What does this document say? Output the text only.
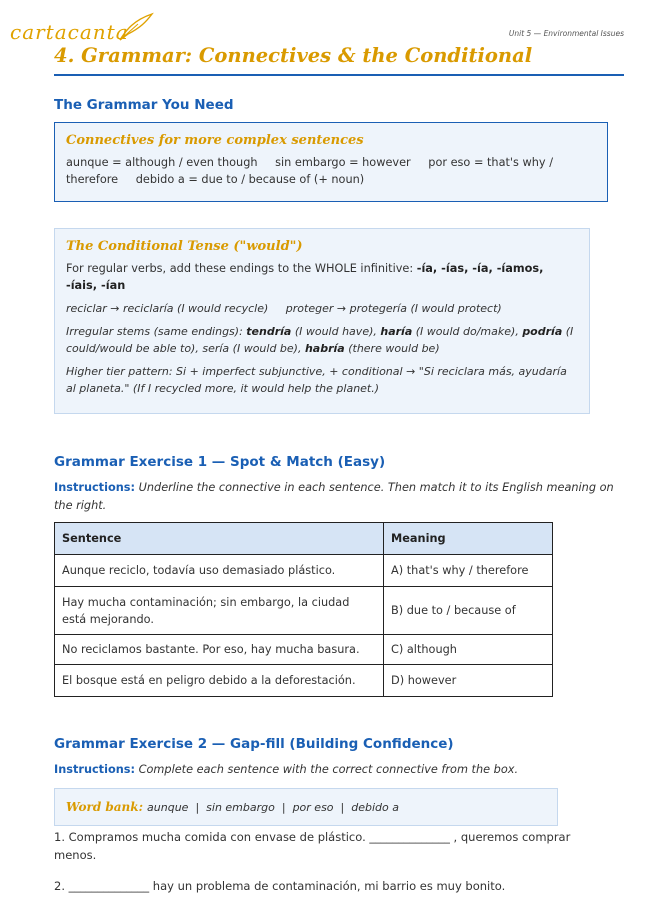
cartacanta	Unit 5 — Environmental Issues
4. Grammar: Connectives & the Conditional
The Grammar You Need
Connectives for more complex sentences
aunque = although / even though sin embargo = however por eso = that's why / therefore debido a = due to / because of (+ noun)
The Conditional Tense ("would")
For regular verbs, add these endings to the WHOLE infinitive: -ía, -ías, -ía, -íamos, -íais, -ían
reciclar → reciclaría (I would recycle) proteger → protegería (I would protect)
Irregular stems (same endings): tendría (I would have), haría (I would do/make), podría (I could/would be able to), sería (I would be), habría (there would be)
Higher tier pattern: Si + imperfect subjunctive, + conditional → "Si reciclara más, ayudaría al planeta." (If I recycled more, it would help the planet.)
Grammar Exercise 1 — Spot & Match (Easy)
Instructions: Underline the connective in each sentence. Then match it to its English meaning on the right.
Sentence	Meaning
Aunque reciclo, todavía uso demasiado plástico.	A) that's why / therefore
Hay mucha contaminación; sin embargo, la ciudad está mejorando.	B) due to / because of
No reciclamos bastante. Por eso, hay mucha basura.	C) although
El bosque está en peligro debido a la deforestación.	D) however
Grammar Exercise 2 — Gap-fill (Building Confidence)
Instructions: Complete each sentence with the correct connective from the box.
Word bank: aunque | sin embargo | por eso | debido a
1. Compramos mucha comida con envase de plástico. ______________ , queremos comprar menos.
2. ______________ hay un problema de contaminación, mi barrio es muy bonito.
